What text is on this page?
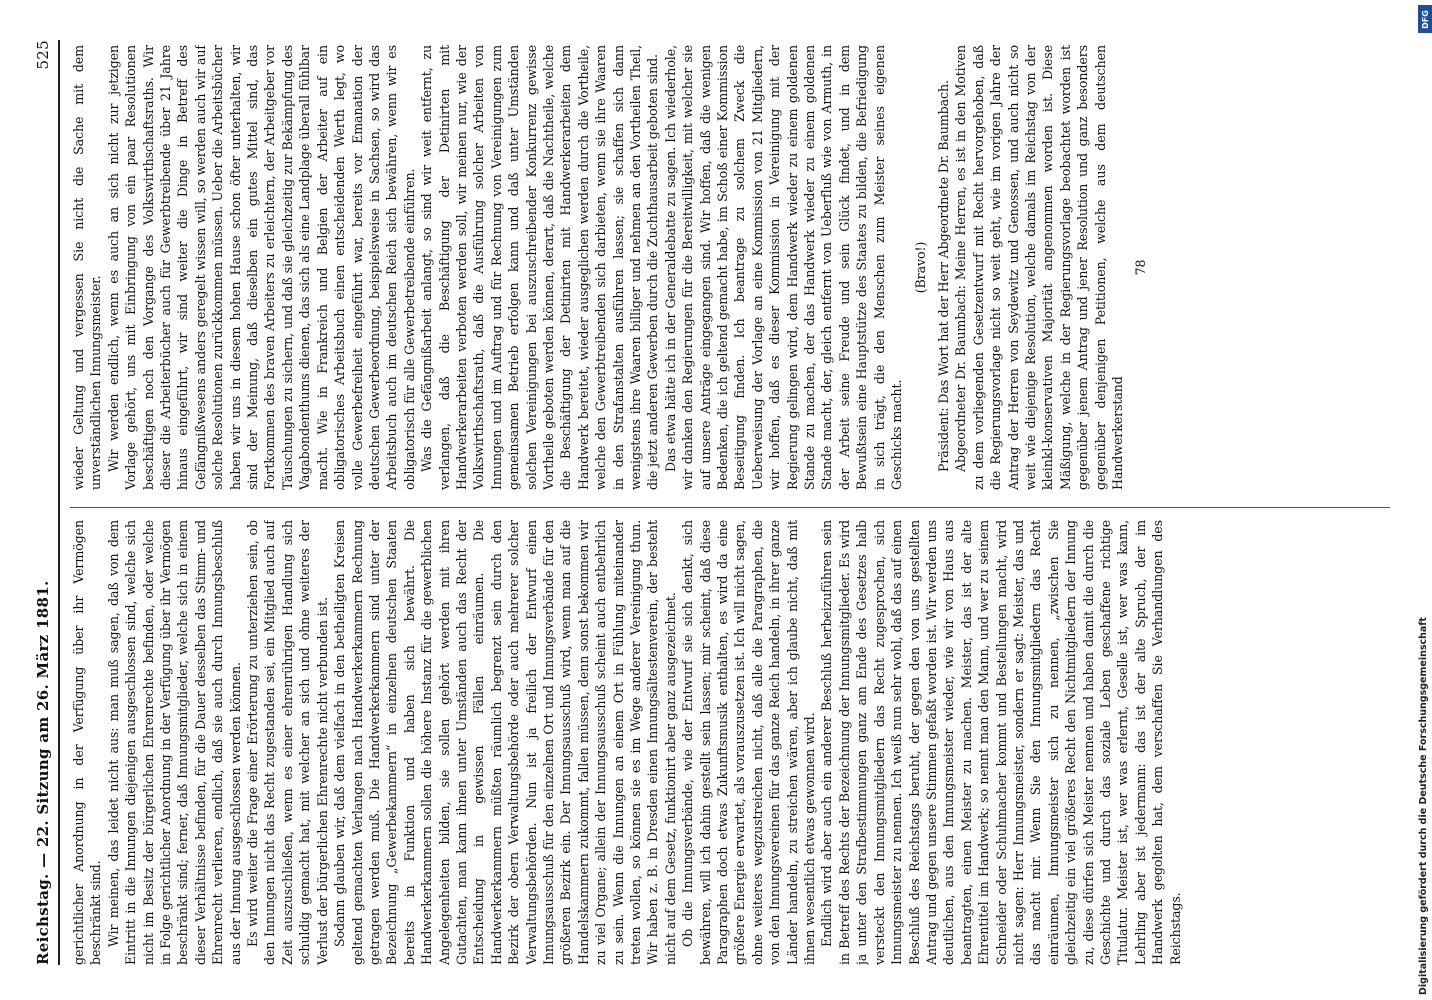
Reichstag. — 22. Sitzung am 26. März 1881.
525

gerichtlicher Anordnung in der Verfügung über ihr Vermögen beschränkt sind. Wir meinen, das leidet nicht aus: man muß sagen, daß von dem Eintritt in die Innungen diejenigen ausgeschlossen sind, welche sich nicht im Besitz der bürgerlichen Ehrenrechte befinden, oder welche in Folge gerichtlicher Anordnung in der Verfügung über ihr Vermögen beschränkt sind; ferner, daß Innungsmitglieder, welche sich in einem dieser Verhältnisse befinden, für die Dauer desselben das Stimm- und Ehrenrecht verlieren, endlich, daß sie auch durch Innungsbeschluß aus der Innung ausgeschlossen werden können. Es wird weiter die Frage einer Erörterung zu unterziehen sein, ob den Innungen nicht das Recht zugestanden sei, ein Mitglied auch auf Zeit auszuschließen, wenn es einer ehrenrührigen Handlung sich schuldig gemacht hat, mit welcher an sich und ohne weiteres der Verlust der bürgerlichen Ehrenrechte nicht verbunden ist. Sodann glauben wir, daß dem vielfach in den betheiligten Kreisen geltend gemachten Verlangen nach Handwerkerkammern Rechnung getragen werden muß. Die Handwerkerkammern sind unter der Bezeichnung „Gewerbekammern“ in einzelnen deutschen Staaten bereits in Funktion und haben sich bewährt. Die Handwerkerkammern sollen die höhere Instanz für die gewerblichen Angelegenheiten bilden, sie sollen gehört werden mit ihren Gutachten, man kann ihnen unter Umständen auch das Recht der Entscheidung in gewissen Fällen einräumen. Die Handwerkerkammern müßten räumlich begrenzt sein durch den Bezirk der obern Verwaltungsbehörde oder auch mehrerer solcher Verwaltungsbehörden. Nun ist ja freilich der Entwurf einen Innungsausschuß für den einzelnen Ort und Innungsverbände für den größeren Bezirk ein. Der Innungsausschuß wird, wenn man auf die Handelskammern zukommt, fallen müssen, denn sonst bekommen wir zu viel Organe; allein der Innungsausschuß scheint auch entbehrlich zu sein. Wenn die Innungen an einem Ort in Fühlung miteinander treten wollen, so können sie es im Wege anderer Vereinigung thun. Wir haben z. B. in Dresden einen Innungsältestenverein, der besteht nicht auf dem Gesetz, funktionirt aber ganz ausgezeichnet. Ob die Innungsverbände, wie der Entwurf sie sich denkt, sich bewähren, will ich dahin gestellt sein lassen; mir scheint, daß diese Paragraphen doch etwas Zukunftsmusik enthalten, es wird da eine größere Energie erwartet, als vorauszusetzen ist. Ich will nicht sagen, ohne weiteres wegzustreichen nicht, daß alle die Paragraphen, die von den Innungsvereinen für das ganze Reich handeln, in ihrer ganze Länder handeln, zu streichen wären, aber ich glaube nicht, daß mit ihnen wesentlich etwas gewonnen wird. Endlich wird aber auch ein anderer Beschluß herbeizuführen sein in Betreff des Rechts der Bezeichnung der Innungsmitglieder. Es wird ja unter den Strafbestimmungen ganz am Ende des Gesetzes halb versteckt den Innungsmitgliedern das Recht zugesprochen, sich Innungsmeister zu nennen. Ich weiß nun sehr wohl, daß das auf einen Beschluß des Reichstags beruht, der gegen den von uns gestellten Antrag und gegen unsere Stimmen gefaßt worden ist. Wir werden uns deutlichen, aus den Innungsmeister wieder, wie wir von Haus aus beantragten, einen Meister zu machen. Meister, das ist der alte Ehrentitel im Handwerk; so nennt man den Mann, und wer zu seinem Schneider oder Schuhmacher kommt und Bestellungen macht, wird nicht sagen: Herr Innungsmeister, sondern er sagt: Meister, das und das macht mir. Wenn Sie den Innungsmitgliedern das Recht einräumen, Innungsmeister sich zu nennen, „zwischen Sie gleichzeitig ein viel größeres Recht den Nichtmitgliedern der Innung zu, diese dürfen sich Meister nennen und haben damit die durch die Geschichte und durch das soziale Leben geschaffene richtige Titulatur. Meister ist, wer was erlernt, Geselle ist, wer was kann, Lehrling aber ist jedermann: das ist der alte Spruch, der im Handwerk gegolten hat, dem verschaffen Sie Verhandlungen des Reichstags.

wieder Geltung und vergessen Sie nicht die Sache mit dem unverständlichen Innungsmeister. Wir werden endlich, wenn es auch an sich nicht zur jetzigen Vorlage gehört, uns mit Einbringung von ein paar Resolutionen beschäftigen noch den Vorgange des Volkswirthschaftsraths. Wir dieser die Arbeiterbücher auch für Gewerbtreibende über 21 Jahre hinaus eingeführt, wir sind weiter die Dinge in Betreff des Gefängnißwesens anders geregelt wissen will, so werden auch wir auf solche Resolutionen zurückkommen müssen. Ueber die Arbeitsbücher haben wir uns in diesem hohen Hause schon öfter unterhalten, wir sind der Meinung, daß dieselben ein gutes Mittel sind, das Fortkommen des braven Arbeiters zu erleichtern, der Arbeitgeber vor Täuschungen zu sichern, und daß sie gleichzeitig zur Bekämpfung des Vagabondenthums dienen, das sich als eine Landplage überall fühlbar macht. Wie in Frankreich und Belgien der Arbeiter auf ein obligatorisches Arbeitsbuch einen entscheidenden Werth legt, wo volle Gewerbefreiheit eingeführt war, bereits vor Emanation der deutschen Gewerbeordnung, beispielsweise in Sachsen, so wird das Arbeitsbuch auch im deutschen Reich sich bewähren, wenn wir es obligatorisch für alle Gewerbetreibende einführen. Was die Gefängnißarbeit anlangt, so sind wir weit entfernt, zu verlangen, daß die Beschäftigung der Detinirten mit Handwerkerarbeiten verboten werden soll, wir meinen nur, wie der Volkswirthschaftsrath, daß die Ausführung solcher Arbeiten von Innungen und im Auftrag und für Rechnung von Vereinigungen zum gemeinsamen Betrieb erfolgen kann und daß unter Umständen solchen Vereinigungen bei auszuschreibender Konkurrenz gewisse Vortheile geboten werden können, derart, daß die Nachtheile, welche die Beschäftigung der Detinirten mit Handwerkerarbeiten dem Handwerk bereitet, wieder ausgeglichen werden durch die Vortheile, welche den Gewerbtreibenden sich darbieten, wenn sie ihre Waaren in den Strafanstalten ausführen lassen; sie schaffen sich dann wenigstens ihre Waaren billiger und nehmen an den Vortheilen Theil, die jetzt anderen Gewerben durch die Zuchthausarbeit geboten sind. Das etwa hätte ich in der Generaldebatte zu sagen. Ich wiederhole, wir danken den Regierungen für die Bereitwilligkeit, mit welcher sie auf unsere Anträge eingegangen sind. Wir hoffen, daß die wenigen Bedenken, die ich geltend gemacht habe, im Schoß einer Kommission Beseitigung finden. Ich beantrage zu solchem Zweck die Ueberweisung der Vorlage an eine Kommission von 21 Mitgliedern, wir hoffen, daß es dieser Kommission in Vereinigung mit der Regierung gelingen wird, dem Handwerk wieder zu einem goldenen Stande zu machen, der das Handwerk wieder zu einem goldenen Stande macht, der, gleich entfernt von Ueberfluß wie von Armuth, in der Arbeit seine Freude und sein Glück findet, und in dem Bewußtsein eine Hauptstütze des Staates zu bilden, die Befriedigung in sich trägt, die den Menschen zum Meister seines eigenen Geschicks macht.

(Bravo!) Präsident: Das Wort hat der Herr Abgeordnete Dr. Baumbach. Abgeordneter Dr. Baumbach: Meine Herren, es ist in den Motiven zu dem vorliegenden Gesetzentwurf mit Recht hervorgehoben, daß die Regierungsvorlage nicht so weit geht, wie im vorigen Jahre der Antrag der Herren von Seydewitz und Genossen, und auch nicht so weit wie diejenige Resolution, welche damals im Reichstag von der kleinkl-konservativen Majorität angenommen worden ist. Diese Mäßigung, welche in der Regierungsvorlage beobachtet worden ist gegenüber jenem Antrag und jener Resolution und ganz besonders gegenüber denjenigen Petitionen, welche aus dem deutschen Handwerkerstand

78

Digitalisierung gefördert durch die Deutsche Forschungsgemeinschaft
DFG
